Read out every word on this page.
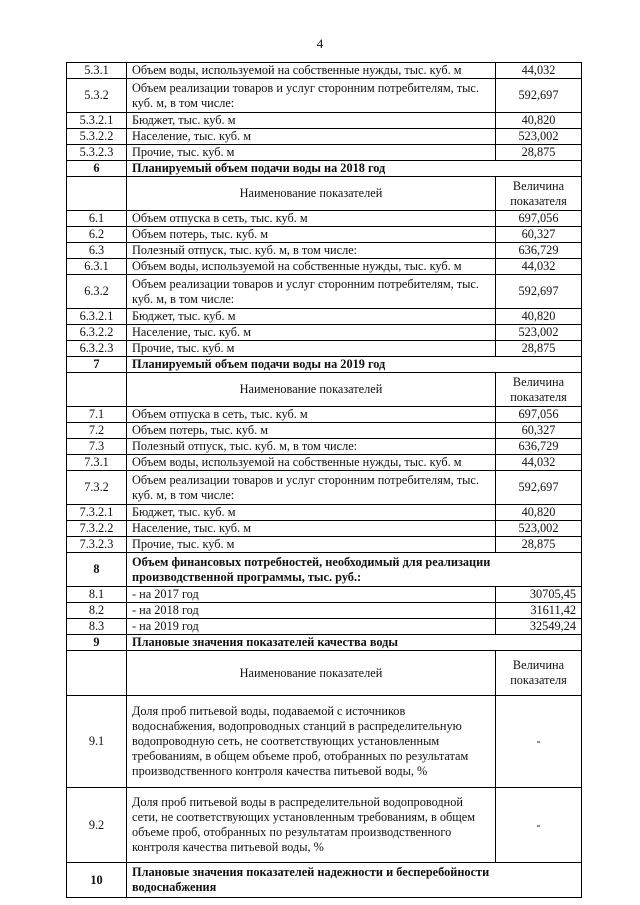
4
5.3.1	Объем воды, используемой на собственные нужды, тыс. куб. м	44,032
5.3.2	Объем реализации товаров и услуг сторонним потребителям, тыс. куб. м, в том числе:	592,697
5.3.2.1	Бюджет, тыс. куб. м	40,820
5.3.2.2	Население, тыс. куб. м	523,002
5.3.2.3	Прочие, тыс. куб. м	28,875
6	Планируемый объем подачи воды на 2018 год	
	Наименование показателей	Величина показателя
6.1	Объем отпуска в сеть, тыс. куб. м	697,056
6.2	Объем потерь, тыс. куб. м	60,327
6.3	Полезный отпуск, тыс. куб. м, в том числе:	636,729
6.3.1	Объем воды, используемой на собственные нужды, тыс. куб. м	44,032
6.3.2	Объем реализации товаров и услуг сторонним потребителям, тыс. куб. м, в том числе:	592,697
6.3.2.1	Бюджет, тыс. куб. м	40,820
6.3.2.2	Население, тыс. куб. м	523,002
6.3.2.3	Прочие, тыс. куб. м	28,875
7	Планируемый объем подачи воды на 2019 год	
	Наименование показателей	Величина показателя
7.1	Объем отпуска в сеть, тыс. куб. м	697,056
7.2	Объем потерь, тыс. куб. м	60,327
7.3	Полезный отпуск, тыс. куб. м, в том числе:	636,729
7.3.1	Объем воды, используемой на собственные нужды, тыс. куб. м	44,032
7.3.2	Объем реализации товаров и услуг сторонним потребителям, тыс. куб. м, в том числе:	592,697
7.3.2.1	Бюджет, тыс. куб. м	40,820
7.3.2.2	Население, тыс. куб. м	523,002
7.3.2.3	Прочие, тыс. куб. м	28,875
8	Объем финансовых потребностей, необходимый для реализации производственной программы, тыс. руб.:	
8.1	- на 2017 год	30705,45
8.2	- на 2018 год	31611,42
8.3	- на 2019 год	32549,24
9	Плановые значения показателей качества воды	
	Наименование показателей	Величина показателя
9.1	Доля проб питьевой воды, подаваемой с источников водоснабжения, водопроводных станций в распределительную водопроводную сеть, не соответствующих установленным требованиям, в общем объеме проб, отобранных по результатам производственного контроля качества питьевой воды, %	-
9.2	Доля проб питьевой воды в распределительной водопроводной сети, не соответствующих установленным требованиям, в общем объеме проб, отобранных по результатам производственного контроля качества питьевой воды, %	-
10	Плановые значения показателей надежности и бесперебойности водоснабжения	
